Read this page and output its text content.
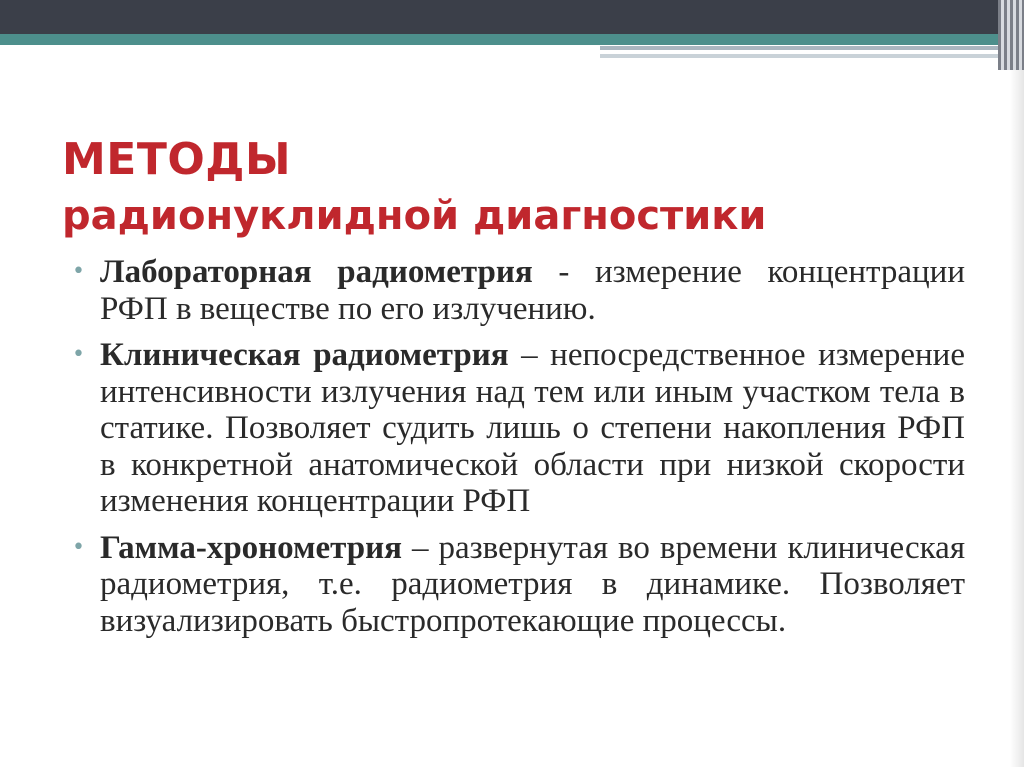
МЕТОДЫ
радионуклидной диагностики
• Лабораторная радиометрия - измерение концентрации РФП в веществе по его излучению.
• Клиническая радиометрия – непосредственное измерение интенсивности излучения над тем или иным участком тела в статике. Позволяет судить лишь о степени накопления РФП в конкретной анатомической области при низкой скорости изменения концентрации РФП
• Гамма-хронометрия – развернутая во времени клиническая радиометрия, т.е. радиометрия в динамике. Позволяет визуализировать быстропротекающие процессы.
